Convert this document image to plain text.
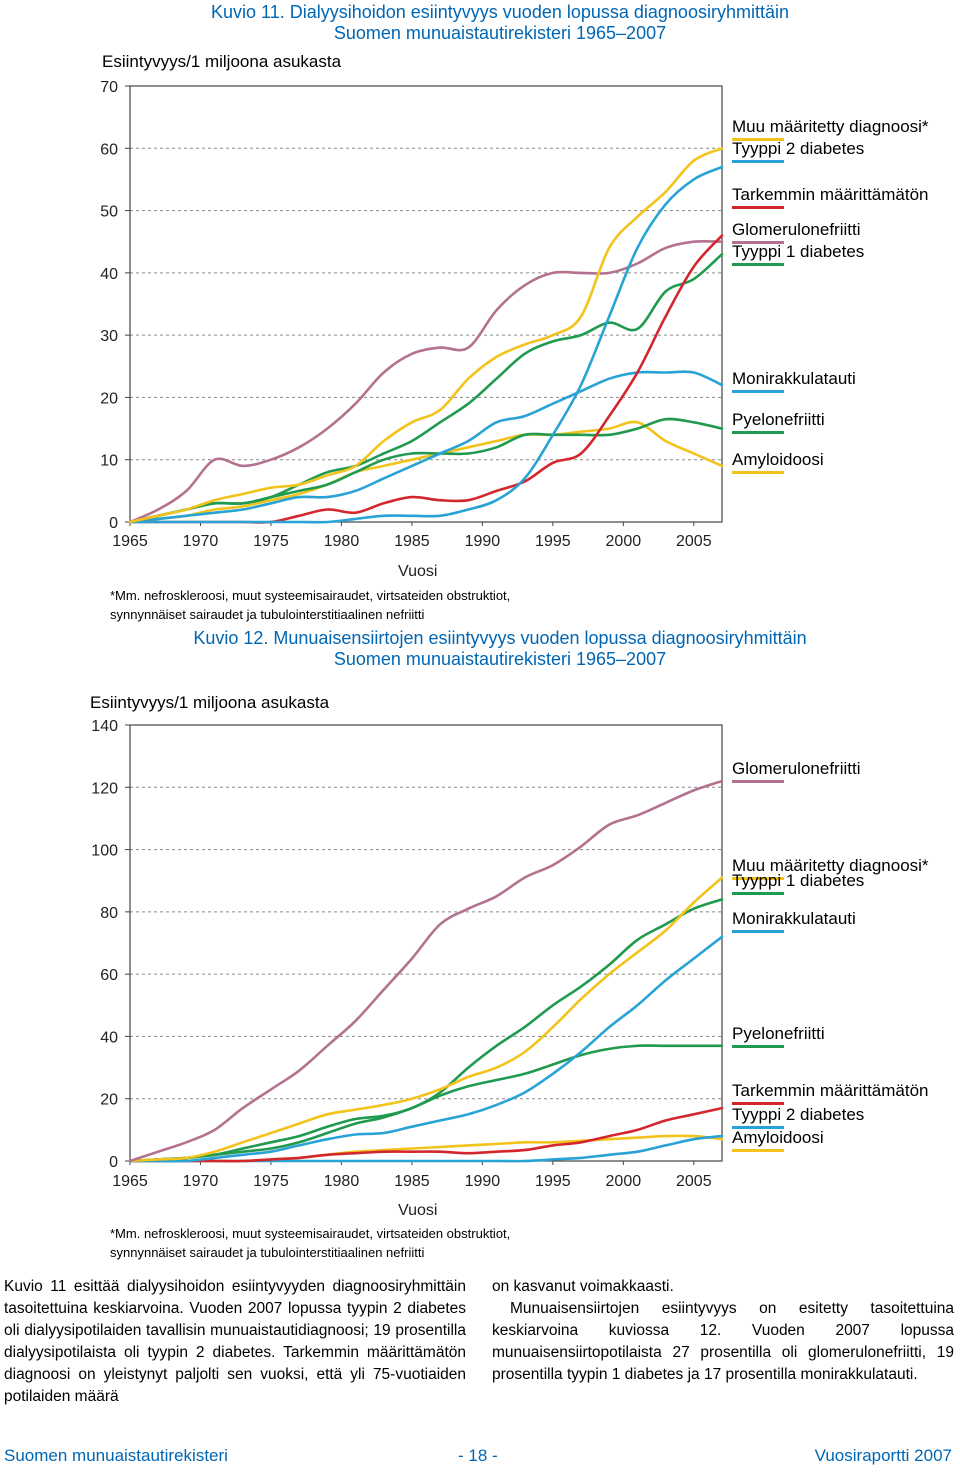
Kuvio 11. Dialyysihoidon esiintyvyys vuoden lopussa diagnoosiryhmittäin
Suomen munuaistautirekisteri 1965–2007
Esiintyvyys/1 miljoona asukasta
0
10
20
30
40
50
60
70
1965 1970 1975 1980 1985 1990 1995 2000 2005
Vuosi
*Mm. nefroskleroosi, muut systeemisairaudet, virtsateiden obstruktiot,
synnynnäiset sairaudet ja tubulointerstitiaalinen nefriitti
Muu määritetty diagnoosi*
Tyyppi 2 diabetes
Tarkemmin määrittämätön
Glomerulonefriitti
Tyyppi 1 diabetes
Monirakkulatauti
Pyelonefriitti
Amyloidoosi
Kuvio 12. Munuaisensiirtojen esiintyvyys vuoden lopussa diagnoosiryhmittäin
Suomen munuaistautirekisteri 1965–2007
Esiintyvyys/1 miljoona asukasta
0
20
40
60
80
100
120
140
1965 1970 1975 1980 1985 1990 1995 2000 2005
Vuosi
*Mm. nefroskleroosi, muut systeemisairaudet, virtsateiden obstruktiot,
synnynnäiset sairaudet ja tubulointerstitiaalinen nefriitti
Glomerulonefriitti
Muu määritetty diagnoosi*
Tyyppi 1 diabetes
Monirakkulatauti
Pyelonefriitti
Tarkemmin määrittämätön
Tyyppi 2 diabetes
Amyloidoosi

Kuvio 11 esittää dialyysihoidon esiintyvyyden diagnoosiryhmittäin tasoitettuina keskiarvoina. Vuoden 2007 lopussa tyypin 2 diabetes oli dialyysipotilaiden tavallisin munuaistautidiagnoosi; 19 prosentilla dialyysipotilaista oli tyypin 2 diabetes. Tarkemmin määrittämätön diagnoosi on yleistynyt paljolti sen vuoksi, että yli 75-vuotiaiden potilaiden määrä

on kasvanut voimakkaasti.

Munuaisensiirtojen esiintyvyys on esitetty tasoitettuina keskiarvoina kuviossa 12. Vuoden 2007 lopussa munuaisensiirtopotilaista 27 prosentilla oli glomerulonefriitti, 19 prosentilla tyypin 1 diabetes ja 17 prosentilla monirakkulatauti.

Suomen munuaistautirekisteri	- 18 -	Vuosiraportti 2007
